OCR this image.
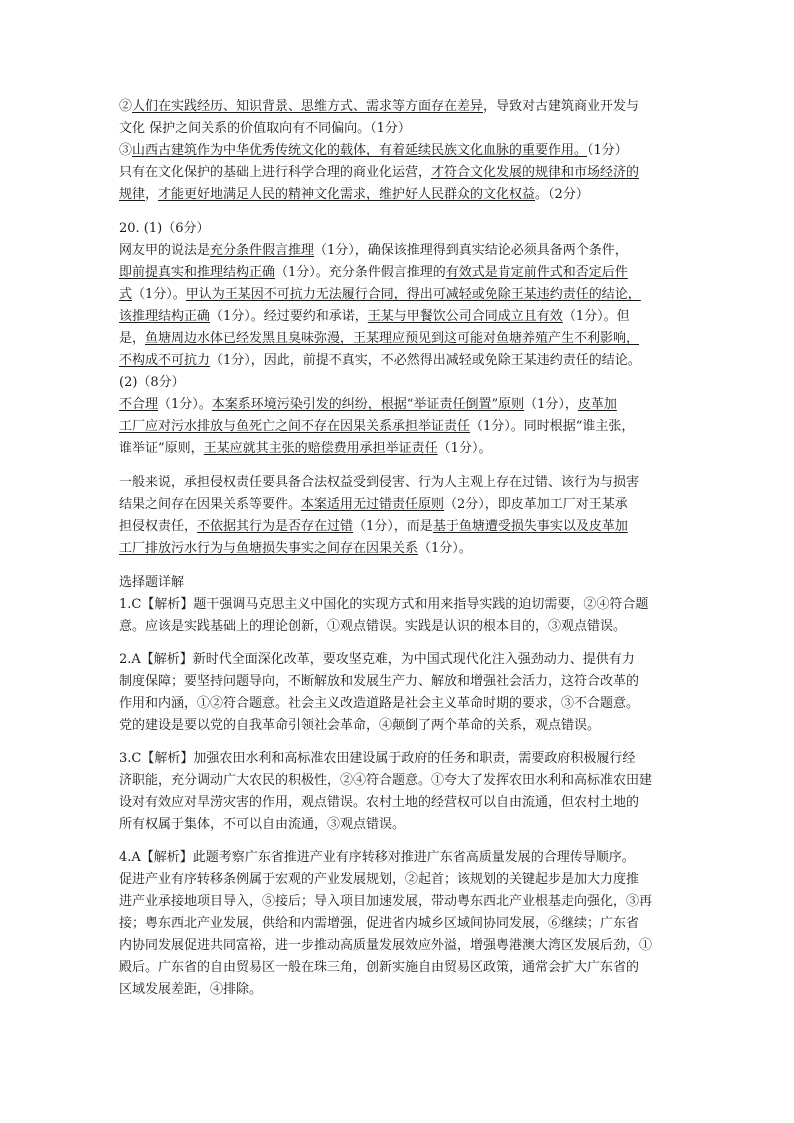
②人们在实践经历、知识背景、思维方式、需求等方面存在差异，导致对古建筑商业开发与
文化 保护之间关系的价值取向有不同偏向。（1分）
③山西古建筑作为中华优秀传统文化的载体，有着延续民族文化血脉的重要作用。（1分）
只有在文化保护的基础上进行科学合理的商业化运营，才符合文化发展的规律和市场经济的
规律，才能更好地满足人民的精神文化需求，维护好人民群众的文化权益。（2分）
20. (1)（6分）
网友甲的说法是充分条件假言推理（1分），确保该推理得到真实结论必须具备两个条件，
即前提真实和推理结构正确（1分）。充分条件假言推理的有效式是肯定前件式和否定后件
式（1分）。甲认为王某因不可抗力无法履行合同，得出可减轻或免除王某违约责任的结论，
该推理结构正确（1分）。经过要约和承诺，王某与甲餐饮公司合同成立且有效（1分）。但
是，鱼塘周边水体已经发黑且臭味弥漫，王某理应预见到这可能对鱼塘养殖产生不利影响，
不构成不可抗力（1分），因此，前提不真实，不必然得出减轻或免除王某违约责任的结论。
(2)（8分）
不合理（1分）。本案系环境污染引发的纠纷，根据“举证责任倒置”原则（1分），皮革加
工厂应对污水排放与鱼死亡之间不存在因果关系承担举证责任（1分）。同时根据“谁主张，
谁举证”原则，王某应就其主张的赔偿费用承担举证责任（1分）。
一般来说，承担侵权责任要具备合法权益受到侵害、行为人主观上存在过错、该行为与损害
结果之间存在因果关系等要件。本案适用无过错责任原则（2分），即皮革加工厂对王某承
担侵权责任，不依据其行为是否存在过错（1分），而是基于鱼塘遭受损失事实以及皮革加
工厂排放污水行为与鱼塘损失事实之间存在因果关系（1分）。
选择题详解
1.C【解析】题干强调马克思主义中国化的实现方式和用来指导实践的迫切需要，②④符合题
意。应该是实践基础上的理论创新，①观点错误。实践是认识的根本目的，③观点错误。
2.A【解析】新时代全面深化改革，要攻坚克难，为中国式现代化注入强劲动力、提供有力
制度保障；要坚持问题导向，不断解放和发展生产力、解放和增强社会活力，这符合改革的
作用和内涵，①②符合题意。社会主义改造道路是社会主义革命时期的要求，③不合题意。
党的建设是要以党的自我革命引领社会革命，④颠倒了两个革命的关系，观点错误。
3.C【解析】加强农田水利和高标准农田建设属于政府的任务和职责，需要政府积极履行经
济职能，充分调动广大农民的积极性，②④符合题意。①夸大了发挥农田水利和高标准农田建
设对有效应对旱涝灾害的作用，观点错误。农村土地的经营权可以自由流通，但农村土地的
所有权属于集体，不可以自由流通，③观点错误。
4.A【解析】此题考察广东省推进产业有序转移对推进广东省高质量发展的合理传导顺序。
促进产业有序转移条例属于宏观的产业发展规划，②起首；该规划的关键起步是加大力度推
进产业承接地项目导入，⑤接后；导入项目加速发展，带动粤东西北产业根基走向强化，③再
接；粤东西北产业发展，供给和内需增强，促进省内城乡区域间协同发展，⑥继续；广东省
内协同发展促进共同富裕，进一步推动高质量发展效应外溢，增强粤港澳大湾区发展后劲，①
殿后。广东省的自由贸易区一般在珠三角，创新实施自由贸易区政策，通常会扩大广东省的
区域发展差距，④排除。
